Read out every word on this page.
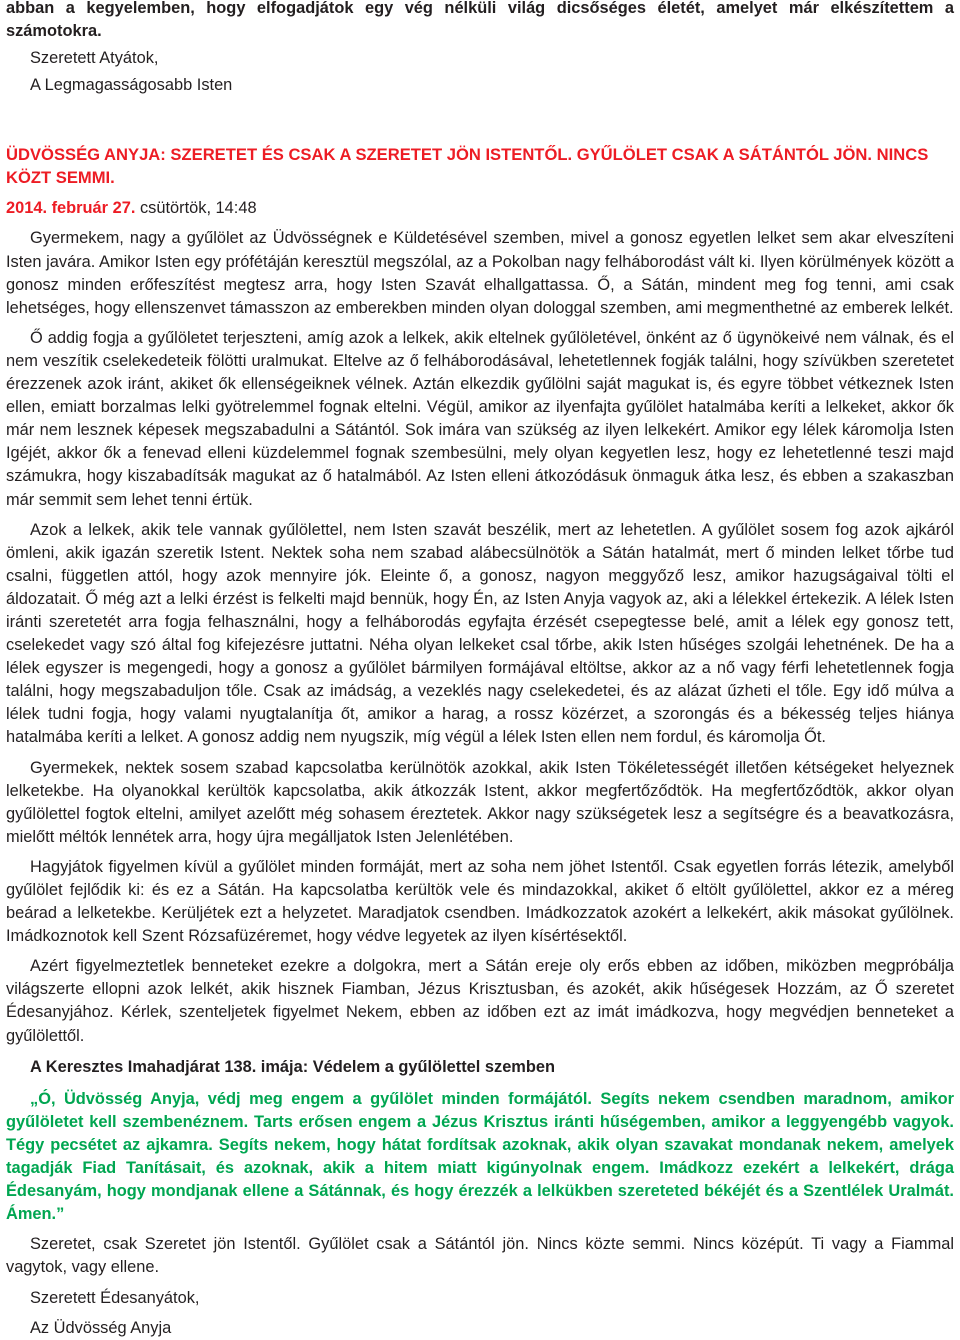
abban a kegyelemben, hogy elfogadjátok egy vég nélküli világ dicsőséges életét, amelyet már elkészítettem a számotokra.

Szeretett Atyátok,

A Legmagasságosabb Isten

ÜDVÖSSÉG ANYJA: SZERETET ÉS CSAK A SZERETET JÖN ISTENTŐL. GYŰLÖLET CSAK A SÁTÁNTÓL JÖN. NINCS KÖZT SEMMI.

2014. február 27. csütörtök, 14:48

Gyermekem, nagy a gyűlölet az Üdvösségnek e Küldetésével szemben, mivel a gonosz egyetlen lelket sem akar elveszíteni Isten javára. Amikor Isten egy prófétáján keresztül megszólal, az a Pokolban nagy felháborodást vált ki. Ilyen körülmények között a gonosz minden erőfeszítést megtesz arra, hogy Isten Szavát elhallgattassa. Ő, a Sátán, mindent meg fog tenni, ami csak lehetséges, hogy ellenszenvet támasszon az emberekben minden olyan dologgal szemben, ami megmenthetné az emberek lelkét.

Ő addig fogja a gyűlöletet terjeszteni, amíg azok a lelkek, akik eltelnek gyűlöletével, önként az ő ügynökeivé nem válnak, és el nem veszítik cselekedeteik fölötti uralmukat. Eltelve az ő felháborodásával, lehetetlennek fogják találni, hogy szívükben szeretetet érezzenek azok iránt, akiket ők ellenségeiknek vélnek. Aztán elkezdik gyűlölni saját magukat is, és egyre többet vétkeznek Isten ellen, emiatt borzalmas lelki gyötrelemmel fognak eltelni. Végül, amikor az ilyenfajta gyűlölet hatalmába keríti a lelkeket, akkor ők már nem lesznek képesek megszabadulni a Sátántól. Sok imára van szükség az ilyen lelkekért. Amikor egy lélek káromolja Isten Igéjét, akkor ők a fenevad elleni küzdelemmel fognak szembesülni, mely olyan kegyetlen lesz, hogy ez lehetetlenné teszi majd számukra, hogy kiszabadítsák magukat az ő hatalmából. Az Isten elleni átkozódásuk önmaguk átka lesz, és ebben a szakaszban már semmit sem lehet tenni értük.

Azok a lelkek, akik tele vannak gyűlölettel, nem Isten szavát beszélik, mert az lehetetlen. A gyűlölet sosem fog azok ajkáról ömleni, akik igazán szeretik Istent. Nektek soha nem szabad alábecsülnötök a Sátán hatalmát, mert ő minden lelket tőrbe tud csalni, független attól, hogy azok mennyire jók. Eleinte ő, a gonosz, nagyon meggyőző lesz, amikor hazugságaival tölti el áldozatait. Ő még azt a lelki érzést is felkelti majd bennük, hogy Én, az Isten Anyja vagyok az, aki a lélekkel értekezik. A lélek Isten iránti szeretetét arra fogja felhasználni, hogy a felháborodás egyfajta érzését csepegtesse belé, amit a lélek egy gonosz tett, cselekedet vagy szó által fog kifejezésre juttatni. Néha olyan lelkeket csal tőrbe, akik Isten hűséges szolgái lehetnének. De ha a lélek egyszer is megengedi, hogy a gonosz a gyűlölet bármilyen formájával eltöltse, akkor az a nő vagy férfi lehetetlennek fogja találni, hogy megszabaduljon tőle. Csak az imádság, a vezeklés nagy cselekedetei, és az alázat űzheti el tőle. Egy idő múlva a lélek tudni fogja, hogy valami nyugtalanítja őt, amikor a harag, a rossz közérzet, a szorongás és a békesség teljes hiánya hatalmába keríti a lelket. A gonosz addig nem nyugszik, míg végül a lélek Isten ellen nem fordul, és káromolja Őt.

Gyermekek, nektek sosem szabad kapcsolatba kerülnötök azokkal, akik Isten Tökéletességét illetően kétségeket helyeznek lelketekbe. Ha olyanokkal kerültök kapcsolatba, akik átkozzák Istent, akkor megfertőződtök. Ha megfertőződtök, akkor olyan gyűlölettel fogtok eltelni, amilyet azelőtt még sohasem éreztetek. Akkor nagy szükségetek lesz a segítségre és a beavatkozásra, mielőtt méltók lennétek arra, hogy újra megálljatok Isten Jelenlétében.

Hagyjátok figyelmen kívül a gyűlölet minden formáját, mert az soha nem jöhet Istentől. Csak egyetlen forrás létezik, amelyből gyűlölet fejlődik ki: és ez a Sátán. Ha kapcsolatba kerültök vele és mindazokkal, akiket ő eltölt gyűlölettel, akkor ez a méreg beárad a lelketekbe. Kerüljétek ezt a helyzetet. Maradjatok csendben. Imádkozzatok azokért a lelkekért, akik másokat gyűlölnek. Imádkoznotok kell Szent Rózsafüzéremet, hogy védve legyetek az ilyen kísértésektől.

Azért figyelmeztetlek benneteket ezekre a dolgokra, mert a Sátán ereje oly erős ebben az időben, miközben megpróbálja világszerte ellopni azok lelkét, akik hisznek Fiamban, Jézus Krisztusban, és azokét, akik hűségesek Hozzám, az Ő szeretet Édesanyjához. Kérlek, szenteljetek figyelmet Nekem, ebben az időben ezt az imát imádkozva, hogy megvédjen benneteket a gyűlölettől.

A Keresztes Imahadjárat 138. imája: Védelem a gyűlölettel szemben

„Ó, Üdvösség Anyja, védj meg engem a gyűlölet minden formájától. Segíts nekem csendben maradnom, amikor gyűlöletet kell szembenéznem. Tarts erősen engem a Jézus Krisztus iránti hűségemben, amikor a leggyengébb vagyok. Tégy pecsétet az ajkamra. Segíts nekem, hogy hátat fordítsak azoknak, akik olyan szavakat mondanak nekem, amelyek tagadják Fiad Tanításait, és azoknak, akik a hitem miatt kigúnyolnak engem. Imádkozz ezekért a lelkekért, drága Édesanyám, hogy mondjanak ellene a Sátánnak, és hogy érezzék a lelkükben szereteted békéjét és a Szentlélek Uralmát. Ámen.”

Szeretet, csak Szeretet jön Istentől. Gyűlölet csak a Sátántól jön. Nincs közte semmi. Nincs középút. Ti vagy a Fiammal vagytok, vagy ellene.

Szeretett Édesanyátok,

Az Üdvösség Anyja
